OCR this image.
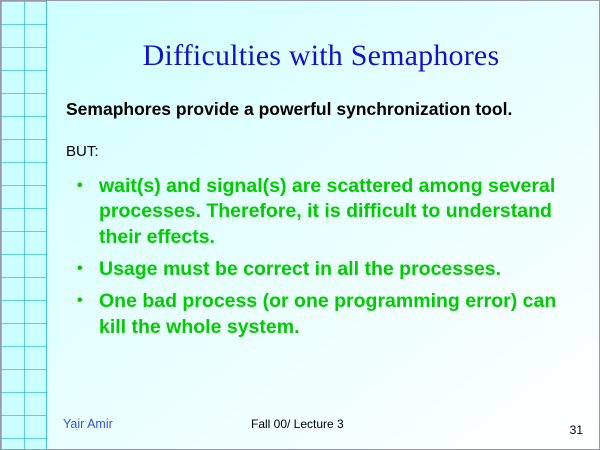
Difficulties with Semaphores
Semaphores provide a powerful synchronization tool.
BUT:
• wait(s) and signal(s) are scattered among several processes. Therefore, it is difficult to understand their effects.
• Usage must be correct in all the processes.
• One bad process (or one programming error) can kill the whole system.
Yair Amir	Fall 00/ Lecture 3	31
